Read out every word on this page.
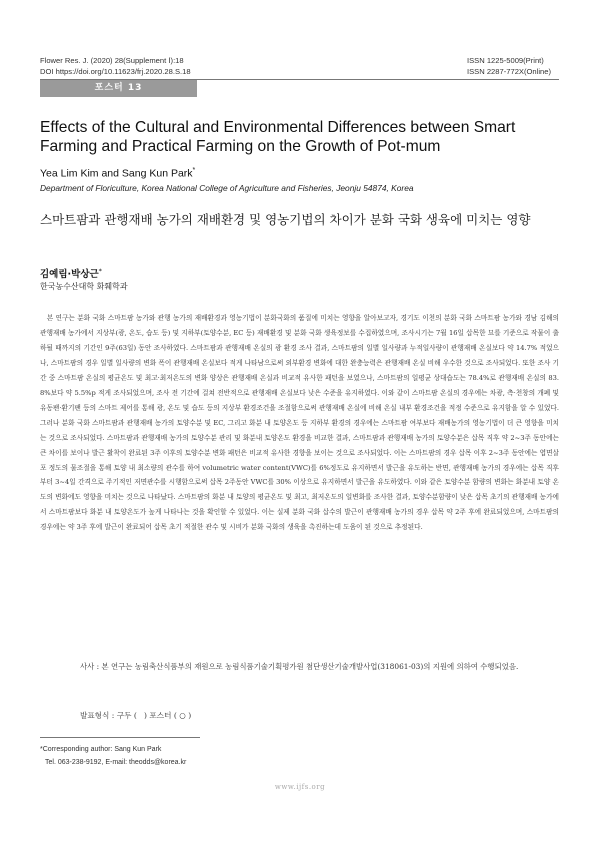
Flower Res. J. (2020) 28(Supplement Ⅰ):18
DOI https://doi.org/10.11623/frj.2020.28.S.18
ISSN 1225-5009(Print)
ISSN 2287-772X(Online)
포스터 13
Effects of the Cultural and Environmental Differences between Smart Farming and Practical Farming on the Growth of Pot-mum
Yea Lim Kim and Sang Kun Park*
Department of Floriculture, Korea National College of Agriculture and Fisheries, Jeonju 54874, Korea
스마트팜과 관행재배 농가의 재배환경 및 영농기법의 차이가 분화 국화 생육에 미치는 영향
김예림·박상근*
한국농수산대학 화훼학과

본 연구는 분화 국화 스마트팜 농가와 관행 농가의 재배환경과 영농기법이 분화국화의 품질에 미치는 영향을 알아보고자, 경기도 이천의 분화 국화 스마트팜 농가와 경남 김해의 관행재배 농가에서 지상부(광, 온도, 습도 등) 및 지하부(토양수분, EC 등) 재배환경 및 분화 국화 생육정보를 수집하였으며, 조사시기는 7월 16일 삽목한 묘를 기준으로 작물이 출하될 때까지의 기간인 9주(63일) 동안 조사하였다. 스마트팜과 관행재배 온실의 광 환경 조사 결과, 스마트팜의 일별 일사량과 누적일사량이 관행재배 온실보다 약 14.7% 적었으나, 스마트팜의 경우 일별 일사량의 변화 폭이 관행재배 온실보다 적게 나타남으로써 외부환경 변화에 대한 완충능력은 관행재배 온실 비해 우수한 것으로 조사되었다. 또한 조사 기간 중 스마트팜 온실의 평균온도 및 최고·최저온도의 변화 양상은 관행재배 온실과 비교적 유사한 패턴을 보였으나, 스마트팜의 일평균 상대습도는 78.4%로 관행재배 온실의 83.8%보다 약 5.5%p 적게 조사되었으며, 조사 전 기간에 걸쳐 전반적으로 관행재배 온실보다 낮은 수준을 유지하였다. 이와 같이 스마트팜 온실의 경우에는 차광, 측·천창의 개폐 및 유동팬·환기팬 등의 스마트 제어를 통해 광, 온도 및 습도 등의 지상부 환경조건을 조절함으로써 관행재배 온실에 비해 온실 내부 환경조건을 적정 수준으로 유지함을 알 수 있었다. 그러나 분화 국화 스마트팜과 관행재배 농가의 토양수분 및 EC, 그리고 화분 내 토양온도 등 지하부 환경의 경우에는 스마트팜 여부보다 재배농가의 영농기법이 더 큰 영향을 미치는 것으로 조사되었다. 스마트팜과 관행재배 농가의 토양수분 관리 및 화분내 토양온도 환경을 비교한 결과, 스마트팜과 관행재배 농가의 토양수분은 삽목 직후 약 2~3주 동안에는 큰 차이를 보이나 발근 활착이 완료된 3주 이후의 토양수분 변화 패턴은 비교적 유사한 경향을 보이는 것으로 조사되었다. 이는 스마트팜의 경우 삽목 이후 2~3주 동안에는 엽면살포 정도의 물조절을 통해 토양 내 최소량의 관수를 하여 volumetric water content(VWC)를 6%정도로 유지하면서 발근을 유도하는 반면, 관행재배 농가의 경우에는 삽목 직후부터 3~4일 간격으로 주기적인 저면관수를 시행함으로써 삽목 2주동안 VWC를 30% 이상으로 유지하면서 발근을 유도하였다. 이와 같은 토양수분 함량의 변화는 화분내 토양 온도의 변화에도 영향을 미치는 것으로 나타났다. 스마트팜의 화분 내 토양의 평균온도 및 최고, 최저온도의 일변화를 조사한 결과, 토양수분함량이 낮은 삽목 초기의 관행재배 농가에서 스마트팜보다 화분 내 토양온도가 높게 나타나는 것을 확인할 수 있었다. 이는 실제 분화 국화 삽수의 발근이 관행재배 농가의 경우 삽목 약 2주 후에 완료되었으며, 스마트팜의 경우에는 약 3주 후에 발근이 완료되어 삽목 초기 적절한 관수 및 시비가 분화 국화의 생육을 촉진하는데 도움이 된 것으로 추정된다.

사사 : 본 연구는 농림축산식품부의 재원으로 농림식품기술기획평가원 첨단생산기술개발사업(318061-03)의 지원에 의하여 수행되었음.

발표형식 : 구두 (   ) 포스터 ( ○ )
*Corresponding author: Sang Kun Park
Tel. 063-238-9192, E-mail: theodds@korea.kr
www.ijfs.org
